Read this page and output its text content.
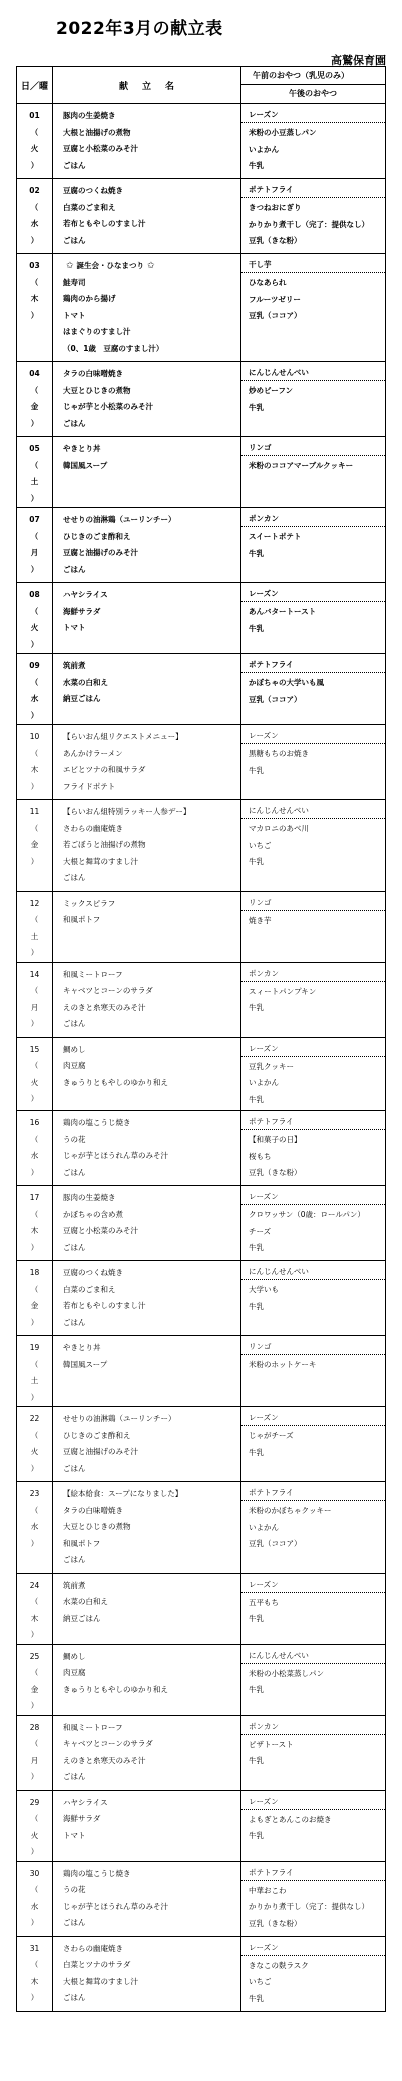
2022年3月の献立表
高鷲保育園
日／曜	献立名
午前のおやつ（乳児のみ）
午後のおやつ
01
（
火
）
豚肉の生姜焼き
大根と油揚げの煮物
豆腐と小松菜のみそ汁
ごはん
レーズン
米粉の小豆蒸しパン
いよかん
牛乳
02
（
水
）
豆腐のつくね焼き
白菜のごま和え
若布ともやしのすまし汁
ごはん
ポテトフライ
きつねおにぎり
かりかり煮干し（完了：提供なし）
豆乳（きな粉）
03
（
木
）
✩ 誕生会・ひなまつり ✩
鮭寿司
鶏肉のから揚げ
トマト
はまぐりのすまし汁
（0、1歳　豆腐のすまし汁）
干し芋
ひなあられ
フルーツゼリー
豆乳（ココア）
04
（
金
）
タラの白味噌焼き
大豆とひじきの煮物
じゃが芋と小松菜のみそ汁
ごはん
にんじんせんべい
炒めビーフン
牛乳
05
（
土
）
やきとり丼
韓国風スープ
リンゴ
米粉のココアマーブルクッキー
07
（
月
）
せせりの油淋鶏（ユーリンチー）
ひじきのごま酢和え
豆腐と油揚げのみそ汁
ごはん
ポンカン
スイートポテト
牛乳
08
（
火
）
ハヤシライス
海鮮サラダ
トマト
レーズン
あんバタートースト
牛乳
09
（
水
）
筑前煮
水菜の白和え
納豆ごはん
ポテトフライ
かぼちゃの大学いも風
豆乳（ココア）
10
（
木
）
【らいおん組リクエストメニュー】
あんかけラーメン
エビとツナの和風サラダ
フライドポテト
レーズン
黒糖もちのお焼き
牛乳
11
（
金
）
【らいおん組特別ラッキー人参デー】
さわらの幽庵焼き
若ごぼうと油揚げの煮物
大根と舞茸のすまし汁
ごはん
にんじんせんべい
マカロニのあべ川
いちご
牛乳
12
（
土
）
ミックスピラフ
和風ポトフ
リンゴ
焼き芋
14
（
月
）
和風ミートローフ
キャベツとコーンのサラダ
えのきと糸寒天のみそ汁
ごはん
ポンカン
スィートパンプキン
牛乳
15
（
火
）
鯛めし
肉豆腐
きゅうりともやしのゆかり和え
レーズン
豆乳クッキー
いよかん
牛乳
16
（
水
）
鶏肉の塩こうじ焼き
うの花
じゃが芋とほうれん草のみそ汁
ごはん
ポテトフライ
【和菓子の日】
桜もち
豆乳（きな粉）
17
（
木
）
豚肉の生姜焼き
かぼちゃの含め煮
豆腐と小松菜のみそ汁
ごはん
レーズン
クロワッサン（0歳：ロールパン）
チーズ
牛乳
18
（
金
）
豆腐のつくね焼き
白菜のごま和え
若布ともやしのすまし汁
ごはん
にんじんせんべい
大学いも
牛乳
19
（
土
）
やきとり丼
韓国風スープ
リンゴ
米粉のホットケーキ
22
（
火
）
せせりの油淋鶏（ユーリンチー）
ひじきのごま酢和え
豆腐と油揚げのみそ汁
ごはん
レーズン
じゃがチーズ
牛乳
23
（
水
）
【絵本給食：スープになりました】
タラの白味噌焼き
大豆とひじきの煮物
和風ポトフ
ごはん
ポテトフライ
米粉のかぼちゃクッキー
いよかん
豆乳（ココア）
24
（
木
）
筑前煮
水菜の白和え
納豆ごはん
レーズン
五平もち
牛乳
25
（
金
）
鯛めし
肉豆腐
きゅうりともやしのゆかり和え
にんじんせんべい
米粉の小松菜蒸しパン
牛乳
28
（
月
）
和風ミートローフ
キャベツとコーンのサラダ
えのきと糸寒天のみそ汁
ごはん
ポンカン
ピザトースト
牛乳
29
（
火
）
ハヤシライス
海鮮サラダ
トマト
レーズン
よもぎとあんこのお焼き
牛乳
30
（
水
）
鶏肉の塩こうじ焼き
うの花
じゃが芋とほうれん草のみそ汁
ごはん
ポテトフライ
中華おこわ
かりかり煮干し（完了：提供なし）
豆乳（きな粉）
31
（
木
）
さわらの幽庵焼き
白菜とツナのサラダ
大根と舞茸のすまし汁
ごはん
レーズン
きなこの麩ラスク
いちご
牛乳
